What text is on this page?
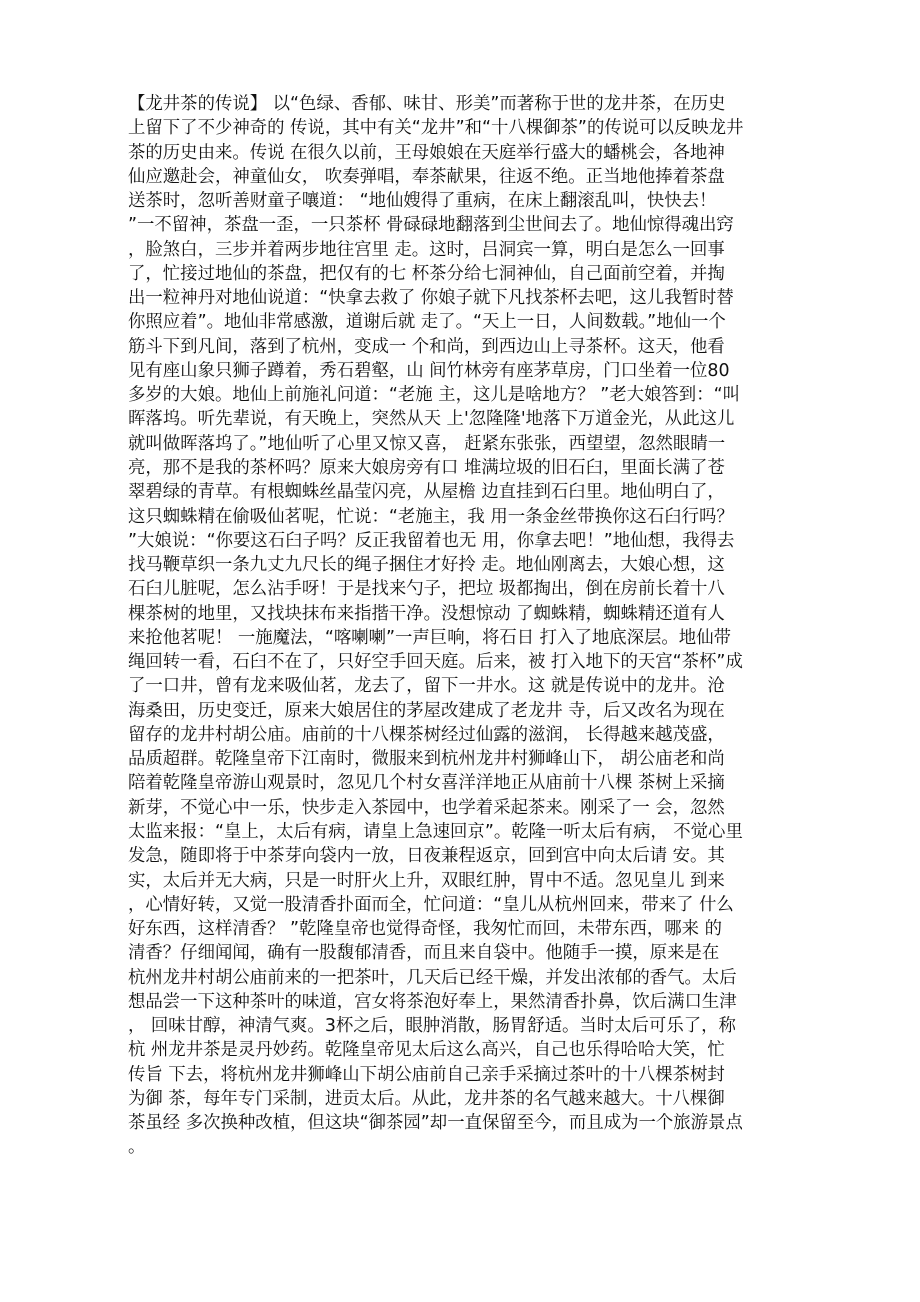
【龙井茶的传说】 以“色绿、香郁、味甘、形美”而著称于世的龙井茶，在历史
上留下了不少神奇的 传说，其中有关“龙井”和“十八棵御茶”的传说可以反映龙井
茶的历史由来。传说 在很久以前，王母娘娘在天庭举行盛大的蟠桃会，各地神
仙应邀赴会，神童仙女， 吹奏弹唱，奉茶献果，往返不绝。正当地他捧着茶盘
送茶时，忽听善财童子嚷道： “地仙嫂得了重病，在床上翻滚乱叫，快快去！
”一不留神，茶盘一歪，一只茶杯 骨碌碌地翻落到尘世间去了。地仙惊得魂出窍
，脸煞白，三步并着两步地往宫里 走。这时，吕洞宾一算，明白是怎么一回事
了，忙接过地仙的茶盘，把仅有的七 杯茶分给七洞神仙，自己面前空着，并掏
出一粒神丹对地仙说道：“快拿去救了 你娘子就下凡找茶杯去吧，这儿我暂时替
你照应着”。地仙非常感激，道谢后就 走了。“天上一日，人间数载。”地仙一个
筋斗下到凡间，落到了杭州，变成一 个和尚，到西边山上寻茶杯。这天，他看
见有座山象只狮子蹲着，秀石碧壑，山 间竹林旁有座茅草房，门口坐着一位80
多岁的大娘。地仙上前施礼问道：“老施 主，这儿是啥地方？ ”老大娘答到：“叫
晖落坞。听先辈说，有天晚上，突然从天 上'忽隆隆'地落下万道金光，从此这儿
就叫做晖落坞了。”地仙听了心里又惊又喜， 赶紧东张张，西望望，忽然眼睛一
亮，那不是我的茶杯吗？原来大娘房旁有口 堆满垃圾的旧石臼，里面长满了苍
翠碧绿的青草。有根蜘蛛丝晶莹闪亮，从屋檐 边直挂到石臼里。地仙明白了，
这只蜘蛛精在偷吸仙茗呢，忙说：“老施主，我 用一条金丝带换你这石臼行吗？
”大娘说：“你要这石臼子吗？反正我留着也无 用，你拿去吧！”地仙想，我得去
找马鞭草织一条九丈九尺长的绳子捆住才好拎 走。地仙刚离去，大娘心想，这
石臼儿脏呢，怎么沾手呀！于是找来勺子，把垃 圾都掏出，倒在房前长着十八
棵茶树的地里，又找块抹布来指揩干净。没想惊动 了蜘蛛精，蜘蛛精还道有人
来抢他茗呢！ 一施魔法，“喀喇喇”一声巨响，将石日 打入了地底深层。地仙带
绳回转一看，石臼不在了，只好空手回天庭。后来，被 打入地下的天宫“茶杯”成
了一口井，曾有龙来吸仙茗，龙去了，留下一井水。这 就是传说中的龙井。沧
海桑田，历史变迁，原来大娘居住的茅屋改建成了老龙井 寺，后又改名为现在
留存的龙井村胡公庙。庙前的十八棵茶树经过仙露的滋润， 长得越来越茂盛，
品质超群。乾隆皇帝下江南时，微服来到杭州龙井村狮峰山下， 胡公庙老和尚
陪着乾隆皇帝游山观景时，忽见几个村女喜洋洋地正从庙前十八棵 茶树上采摘
新芽，不觉心中一乐，快步走入茶园中，也学着采起茶来。刚采了一 会，忽然
太监来报：“皇上，太后有病，请皇上急速回京”。乾隆一听太后有病， 不觉心里
发急，随即将于中茶芽向袋内一放，日夜兼程返京，回到宫中向太后请 安。其
实，太后并无大病，只是一时肝火上升，双眼红肿，胃中不适。忽见皇儿 到来
，心情好转，又觉一股清香扑面而全，忙问道：“皇儿从杭州回来，带来了 什么
好东西，这样清香？ ”乾隆皇帝也觉得奇怪，我匆忙而回，未带东西，哪来 的
清香？仔细闻闻，确有一股馥郁清香，而且来自袋中。他随手一摸，原来是在
杭州龙井村胡公庙前来的一把茶叶，几天后已经干燥，并发出浓郁的香气。太后
想品尝一下这种茶叶的味道，宫女将茶泡好奉上，果然清香扑鼻，饮后满口生津
， 回味甘醇，神清气爽。3杯之后，眼肿消散，肠胃舒适。当时太后可乐了，称
杭 州龙井茶是灵丹妙药。乾隆皇帝见太后这么高兴，自己也乐得哈哈大笑，忙
传旨 下去，将杭州龙井狮峰山下胡公庙前自己亲手采摘过茶叶的十八棵茶树封
为御 茶，每年专门采制，进贡太后。从此，龙井茶的名气越来越大。十八棵御
茶虽经 多次换种改植，但这块“御茶园”却一直保留至今，而且成为一个旅游景点
。
